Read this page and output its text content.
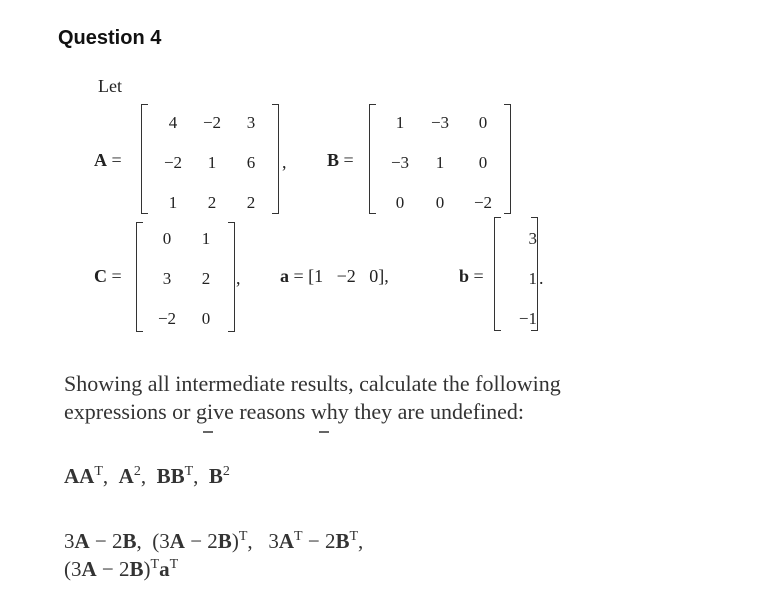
Question 4
Let
A =
4	−2	3
−2	1	6
1	2	2
, B =
1	−3	0
−3	1	0
0	0	−2
C =
0	1
3	2
−2	0
, a = [1   −2   0],	b =
3
1
−1
.
Showing all intermediate results, calculate the following
expressions or give reasons why they are undefined:
$AA^T$,  $A^2$,  $BB^T$,  $B^2$
3A − 2B,  $(3A - 2B)^T$,   $3A^T - 2B^T$,
$(3A - 2B)^Ta^T$
